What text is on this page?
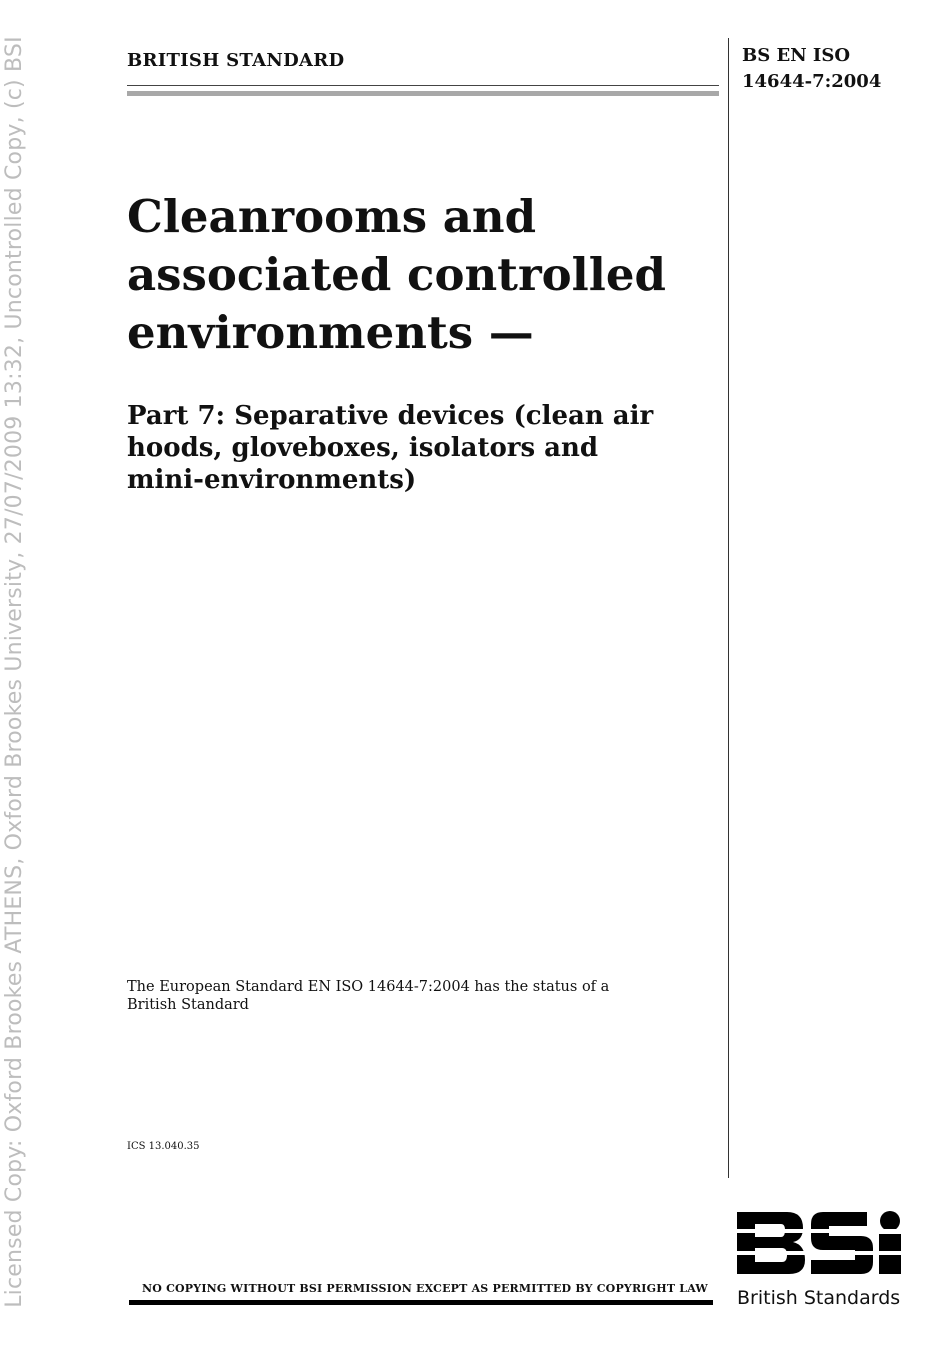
Licensed Copy: Oxford Brookes ATHENS, Oxford Brookes University, 27/07/2009 13:32, Uncontrolled Copy, (c) BSI	BRITISH STANDARD	BS EN ISO
14644-7:2004
Cleanrooms and
associated controlled
environments —
Part 7: Separative devices (clean air
hoods, gloveboxes, isolators and
mini-environments)
The European Standard EN ISO 14644-7:2004 has the status of a
British Standard
ICS 13.040.35
NO COPYING WITHOUT BSI PERMISSION EXCEPT AS PERMITTED BY COPYRIGHT LAW	British Standards
